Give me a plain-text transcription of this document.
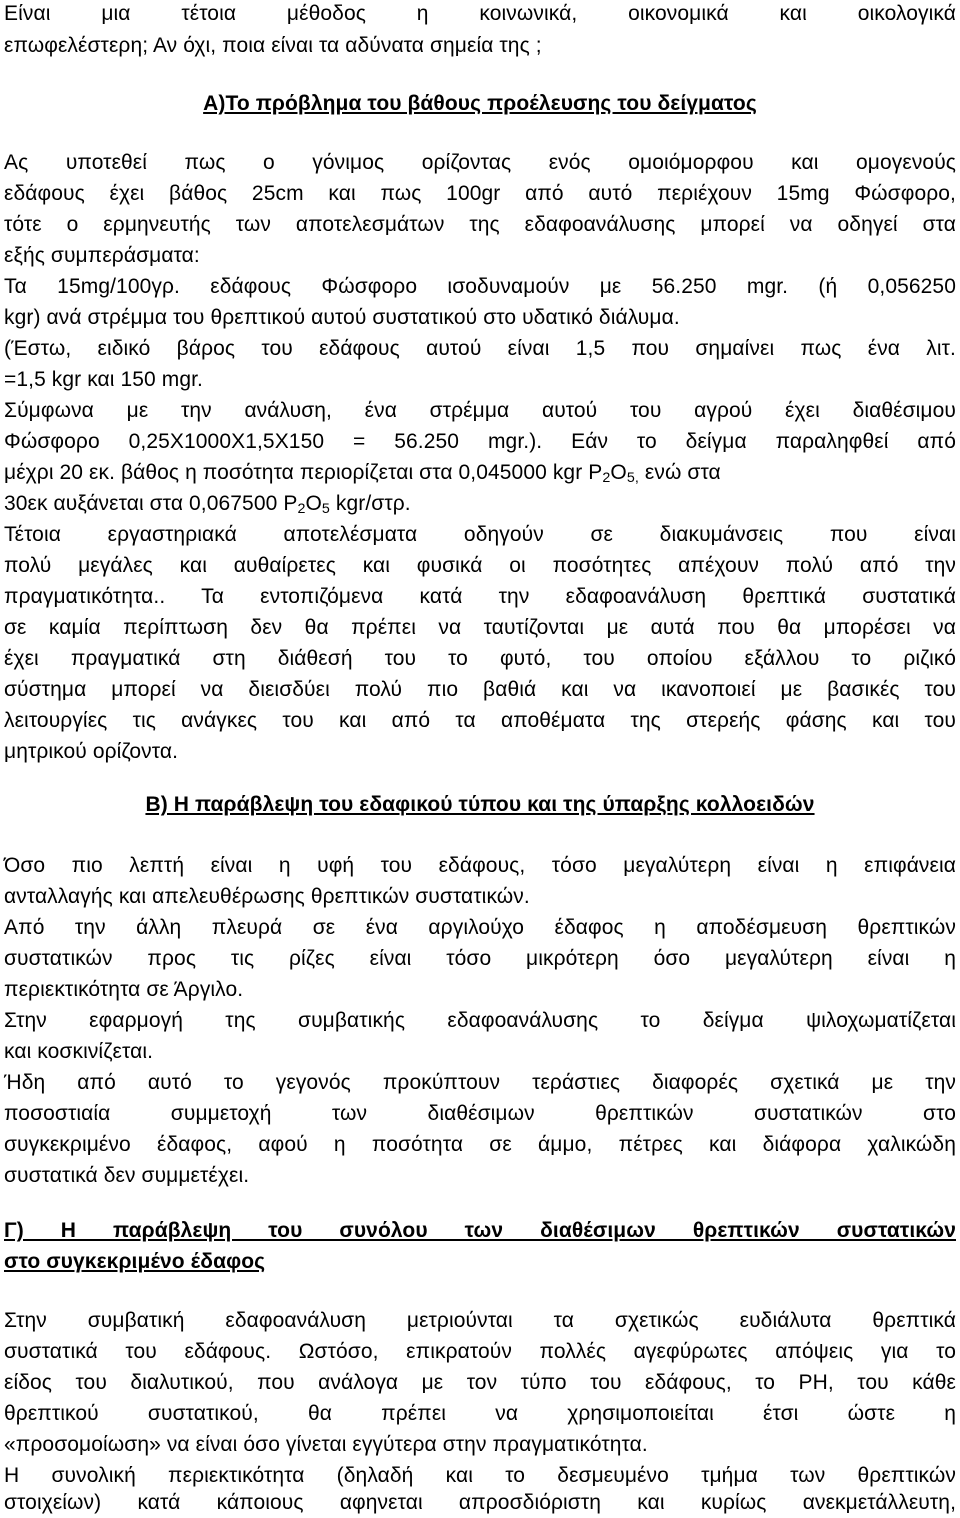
Είναι μια τέτοια μέθοδος η κοινωνικά, οικονομικά και οικολογικά
επωφελέστερη; Αν όχι, ποια είναι τα αδύνατα σημεία της ;
Α)Το πρόβλημα του βάθους προέλευσης του δείγματος
Ας υποτεθεί πως ο γόνιμος ορίζοντας ενός ομοιόμορφου και ομογενούς
εδάφους έχει βάθος 25cm και πως 100gr από αυτό περιέχουν 15mg Φώσφορο,
τότε ο ερμηνευτής των αποτελεσμάτων της εδαφοανάλυσης μπορεί να οδηγεί στα
εξής συμπεράσματα:
Τα 15mg/100γρ. εδάφους Φώσφορο ισοδυναμούν με 56.250 mgr. (ή 0,056250
kgr) ανά στρέμμα του θρεπτικού αυτού συστατικού στο υδατικό διάλυμα.
(Έστω, ειδικό βάρος του εδάφους αυτού είναι 1,5 που σημαίνει πως ένα λιτ.
=1,5 kgr και 150 mgr.
Σύμφωνα με την ανάλυση, ένα στρέμμα αυτού του αγρού έχει διαθέσιμου
Φώσφορο 0,25Χ1000Χ1,5Χ150 = 56.250 mgr.). Εάν το δείγμα παραληφθεί από
μέχρι 20 εκ. βάθος η ποσότητα περιορίζεται στα 0,045000 kgr $P_2O_{5,}$ ενώ στα
30εκ αυξάνεται στα 0,067500 $P_2O_5$ kgr/στρ.
Τέτοια εργαστηριακά αποτελέσματα οδηγούν σε διακυμάνσεις που είναι
πολύ μεγάλες και αυθαίρετες και φυσικά οι ποσότητες απέχουν πολύ από την
πραγματικότητα.. Τα εντοπιζόμενα κατά την εδαφοανάλυση θρεπτικά συστατικά
σε καμία περίπτωση δεν θα πρέπει να ταυτίζονται με αυτά που θα μπορέσει να
έχει πραγματικά στη διάθεσή του το φυτό, του οποίου εξάλλου το ριζικό
σύστημα μπορεί να διεισδύει πολύ πιο βαθιά και να ικανοποιεί με βασικές του
λειτουργίες τις ανάγκες του και από τα αποθέματα της στερεής φάσης και του
μητρικού ορίζοντα.
Β) Η παράβλεψη του εδαφικού τύπου και της ύπαρξης κολλοειδών
Όσο πιο λεπτή είναι η υφή του εδάφους, τόσο μεγαλύτερη είναι η επιφάνεια
ανταλλαγής και απελευθέρωσης θρεπτικών συστατικών.
Από την άλλη πλευρά σε ένα αργιλούχο έδαφος η αποδέσμευση θρεπτικών
συστατικών προς τις ρίζες είναι τόσο μικρότερη όσο μεγαλύτερη είναι η
περιεκτικότητα σε Άργιλο.
Στην εφαρμογή της συμβατικής εδαφοανάλυσης το δείγμα ψιλοχωματίζεται
και κοσκινίζεται.
Ήδη από αυτό το γεγονός προκύπτουν τεράστιες διαφορές σχετικά με την
ποσοστιαία συμμετοχή των διαθέσιμων θρεπτικών συστατικών στο
συγκεκριμένο έδαφος, αφού η ποσότητα σε άμμο, πέτρες και διάφορα χαλικώδη
συστατικά δεν συμμετέχει.
Γ) Η παράβλεψη του συνόλου των διαθέσιμων θρεπτικών συστατικών
στο συγκεκριμένο έδαφος
Στην συμβατική εδαφοανάλυση μετριούνται τα σχετικώς ευδιάλυτα θρεπτικά
συστατικά του εδάφους. Ωστόσο, επικρατούν πολλές αγεφύρωτες απόψεις για το
είδος του διαλυτικού, που ανάλογα με τον τύπο του εδάφους, το PH, του κάθε
θρεπτικού συστατικού, θα πρέπει να χρησιμοποιείται έτσι ώστε η
«προσομοίωση» να είναι όσο γίνεται εγγύτερα στην πραγματικότητα.
Η συνολική περιεκτικότητα (δηλαδή και το δεσμευμένο τμήμα των θρεπτικών
στοιχείων) κατά κάποιους αφηνεται απροσδιόριστη και κυρίως ανεκμετάλλευτη,
